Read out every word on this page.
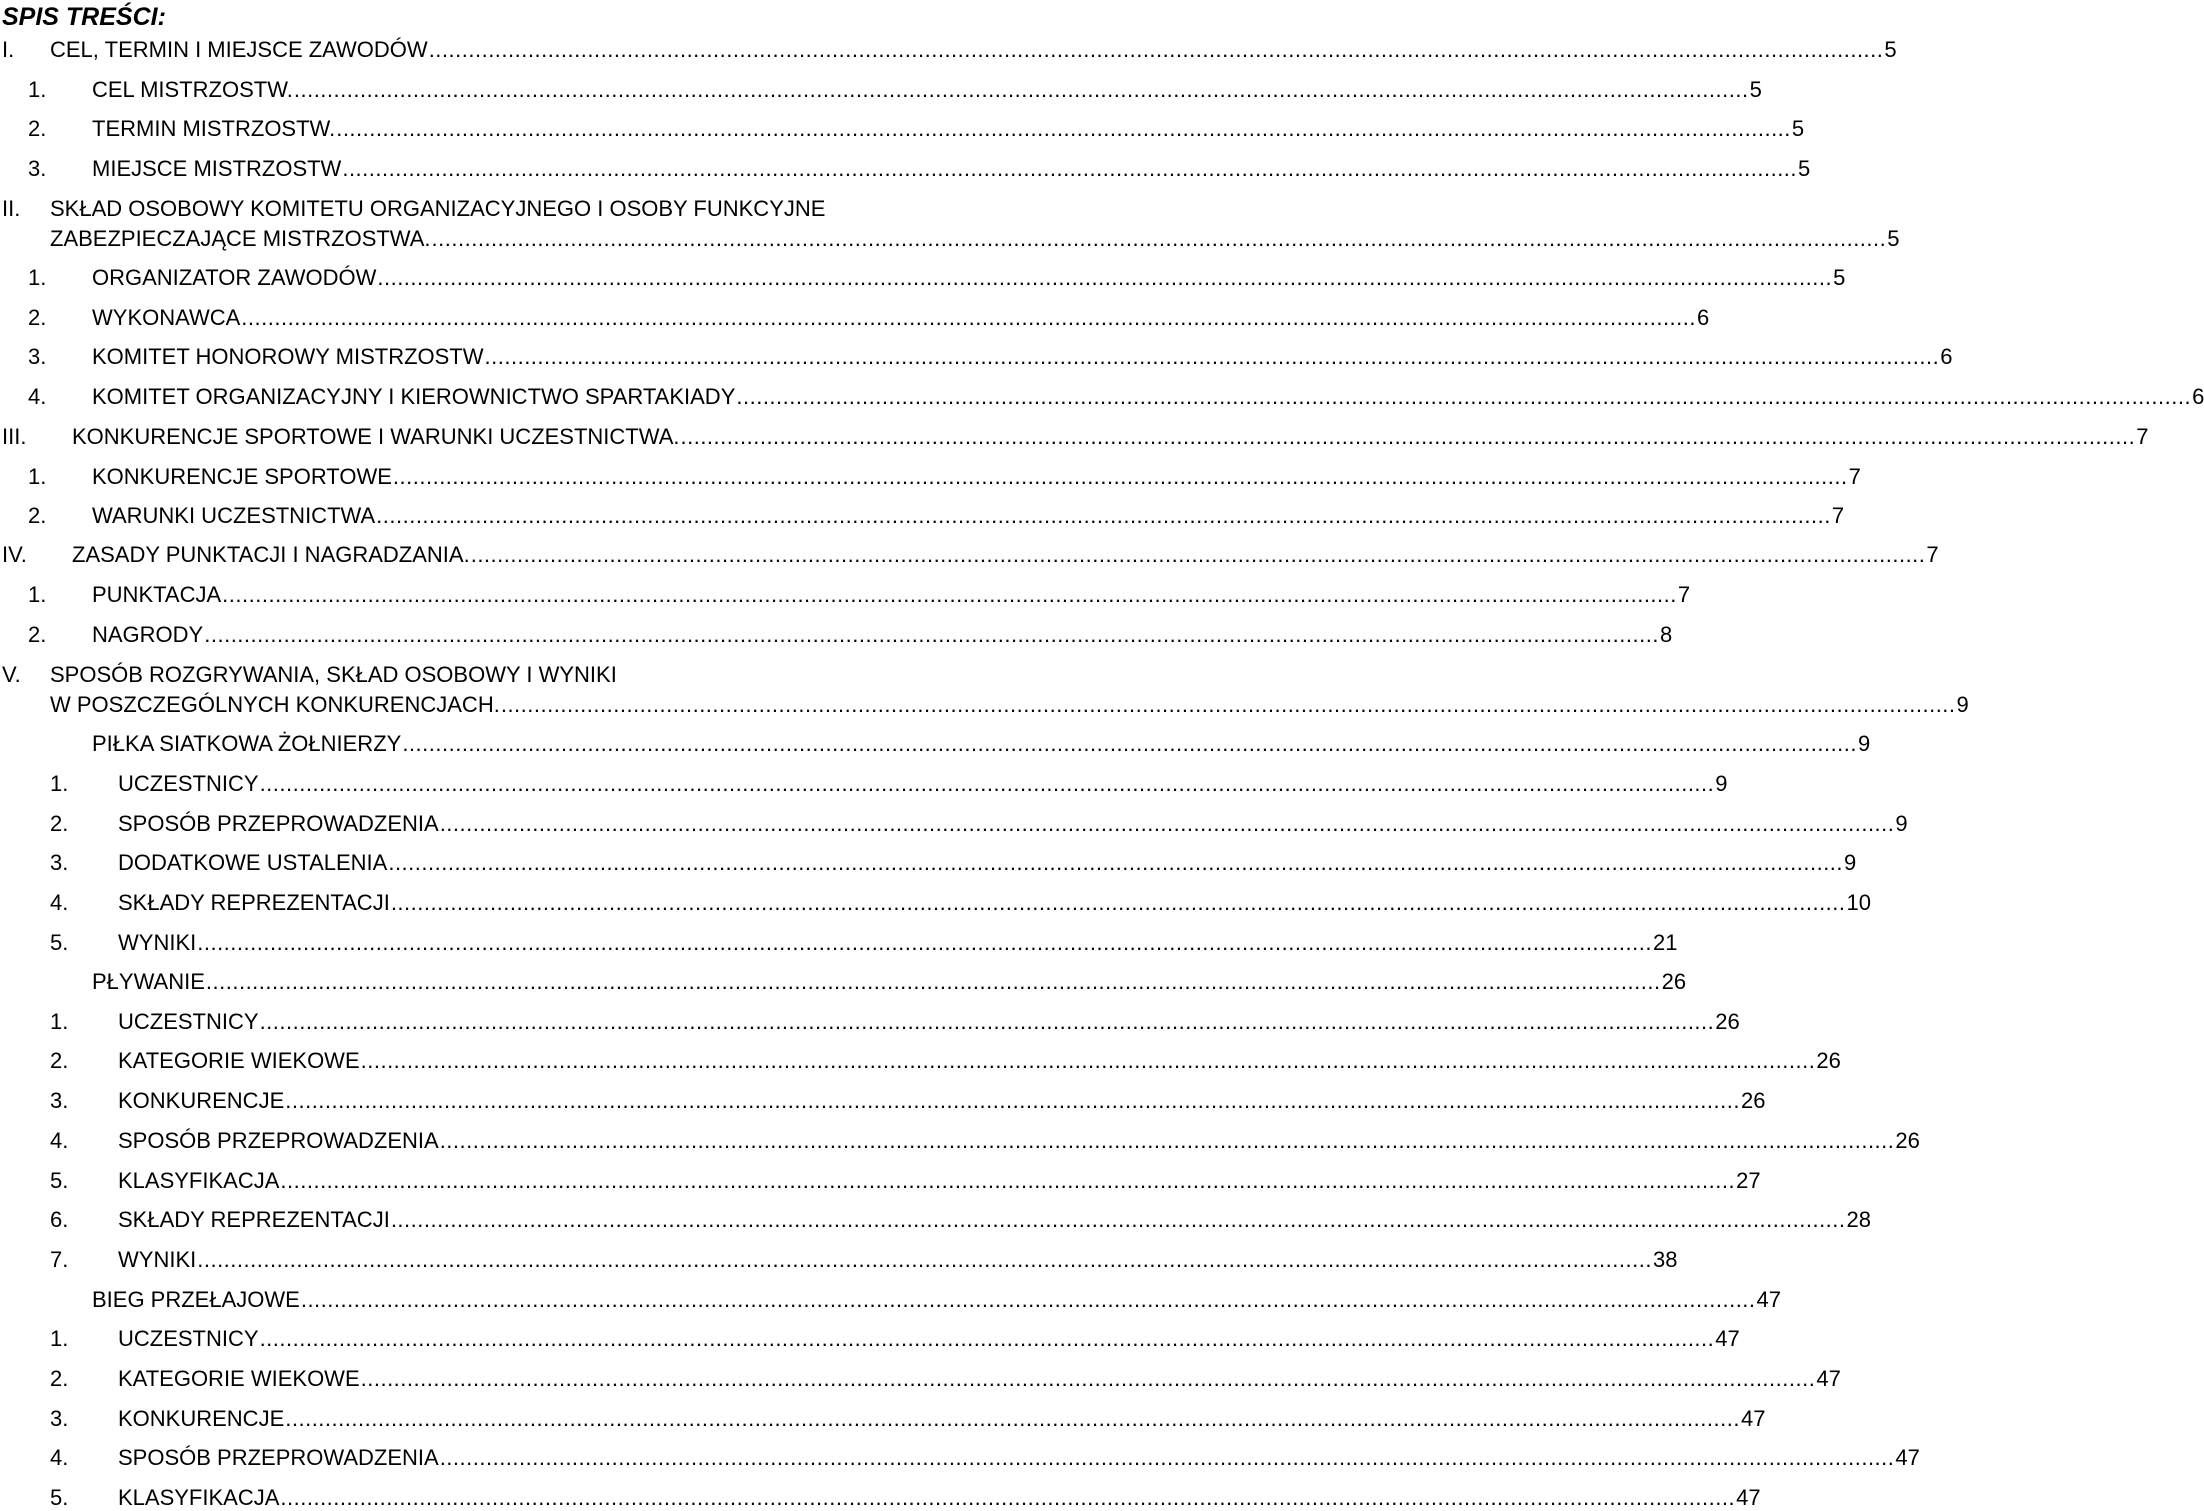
SPIS TREŚCI:
I. CEL, TERMIN I MIEJSCE ZAWODÓW ............................................................................................................................................................................................................................ 5
1. CEL MISTRZOSTW. ............................................................................................................................................................................................................................ 5
2. TERMIN MISTRZOSTW. ............................................................................................................................................................................................................................ 5
3. MIEJSCE MISTRZOSTW ............................................................................................................................................................................................................................ 5
II. SKŁAD OSOBOWY KOMITETU ORGANIZACYJNEGO I OSOBY FUNKCYJNE
ZABEZPIECZAJĄCE MISTRZOSTWA. ............................................................................................................................................................................................................................ 5
1. ORGANIZATOR ZAWODÓW ............................................................................................................................................................................................................................ 5
2. WYKONAWCA ............................................................................................................................................................................................................................ 6
3. KOMITET HONOROWY MISTRZOSTW ............................................................................................................................................................................................................................ 6
4. KOMITET ORGANIZACYJNY I KIEROWNICTWO SPARTAKIADY ............................................................................................................................................................................................................................ 6
III. KONKURENCJE SPORTOWE I WARUNKI UCZESTNICTWA. ............................................................................................................................................................................................................................ 7
1. KONKURENCJE SPORTOWE ............................................................................................................................................................................................................................ 7
2. WARUNKI UCZESTNICTWA ............................................................................................................................................................................................................................ 7
IV. ZASADY PUNKTACJI I NAGRADZANIA. ............................................................................................................................................................................................................................ 7
1. PUNKTACJA ............................................................................................................................................................................................................................ 7
2. NAGRODY ............................................................................................................................................................................................................................ 8
V. SPOSÓB ROZGRYWANIA, SKŁAD OSOBOWY I WYNIKI
W POSZCZEGÓLNYCH KONKURENCJACH. ............................................................................................................................................................................................................................ 9
PIŁKA SIATKOWA ŻOŁNIERZY ............................................................................................................................................................................................................................ 9
1. UCZESTNICY ............................................................................................................................................................................................................................ 9
2. SPOSÓB PRZEPROWADZENIA ............................................................................................................................................................................................................................ 9
3. DODATKOWE USTALENIA ............................................................................................................................................................................................................................ 9
4. SKŁADY REPREZENTACJI ............................................................................................................................................................................................................................ 10
5. WYNIKI ............................................................................................................................................................................................................................ 21
PŁYWANIE ............................................................................................................................................................................................................................ 26
1. UCZESTNICY ............................................................................................................................................................................................................................ 26
2. KATEGORIE WIEKOWE ............................................................................................................................................................................................................................ 26
3. KONKURENCJE ............................................................................................................................................................................................................................ 26
4. SPOSÓB PRZEPROWADZENIA ............................................................................................................................................................................................................................ 26
5. KLASYFIKACJA ............................................................................................................................................................................................................................ 27
6. SKŁADY REPREZENTACJI ............................................................................................................................................................................................................................ 28
7. WYNIKI ............................................................................................................................................................................................................................ 38
BIEG PRZEŁAJOWE ............................................................................................................................................................................................................................ 47
1. UCZESTNICY ............................................................................................................................................................................................................................ 47
2. KATEGORIE WIEKOWE ............................................................................................................................................................................................................................ 47
3. KONKURENCJE ............................................................................................................................................................................................................................ 47
4. SPOSÓB PRZEPROWADZENIA ............................................................................................................................................................................................................................ 47
5. KLASYFIKACJA ............................................................................................................................................................................................................................ 47
